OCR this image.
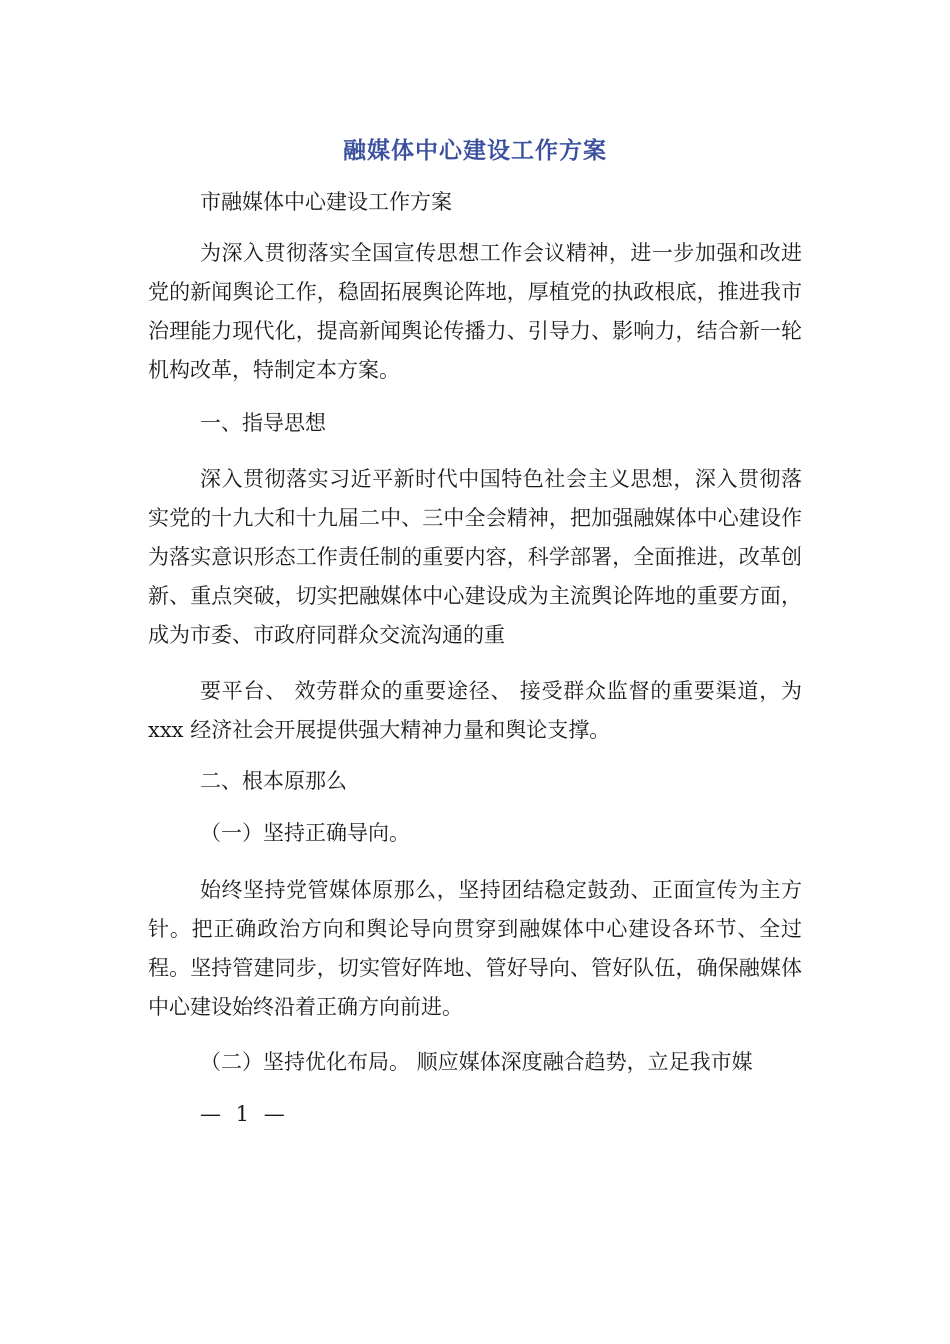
融媒体中心建设工作方案
市融媒体中心建设工作方案
为深入贯彻落实全国宣传思想工作会议精神，进一步加强和改进党的新闻舆论工作，稳固拓展舆论阵地，厚植党的执政根底，推进我市治理能力现代化，提高新闻舆论传播力、引导力、影响力，结合新一轮机构改革，特制定本方案。
一、指导思想
深入贯彻落实习近平新时代中国特色社会主义思想，深入贯彻落实党的十九大和十九届二中、三中全会精神，把加强融媒体中心建设作为落实意识形态工作责任制的重要内容，科学部署，全面推进，改革创新、重点突破，切实把融媒体中心建设成为主流舆论阵地的重要方面，成为市委、市政府同群众交流沟通的重
要平台、 效劳群众的重要途径、 接受群众监督的重要渠道，为 xxx 经济社会开展提供强大精神力量和舆论支撑。
二、根本原那么
（一）坚持正确导向。
始终坚持党管媒体原那么，坚持团结稳定鼓劲、正面宣传为主方针。把正确政治方向和舆论导向贯穿到融媒体中心建设各环节、全过程。坚持管建同步，切实管好阵地、管好导向、管好队伍，确保融媒体中心建设始终沿着正确方向前进。
（二）坚持优化布局。 顺应媒体深度融合趋势，立足我市媒
— 1 —
